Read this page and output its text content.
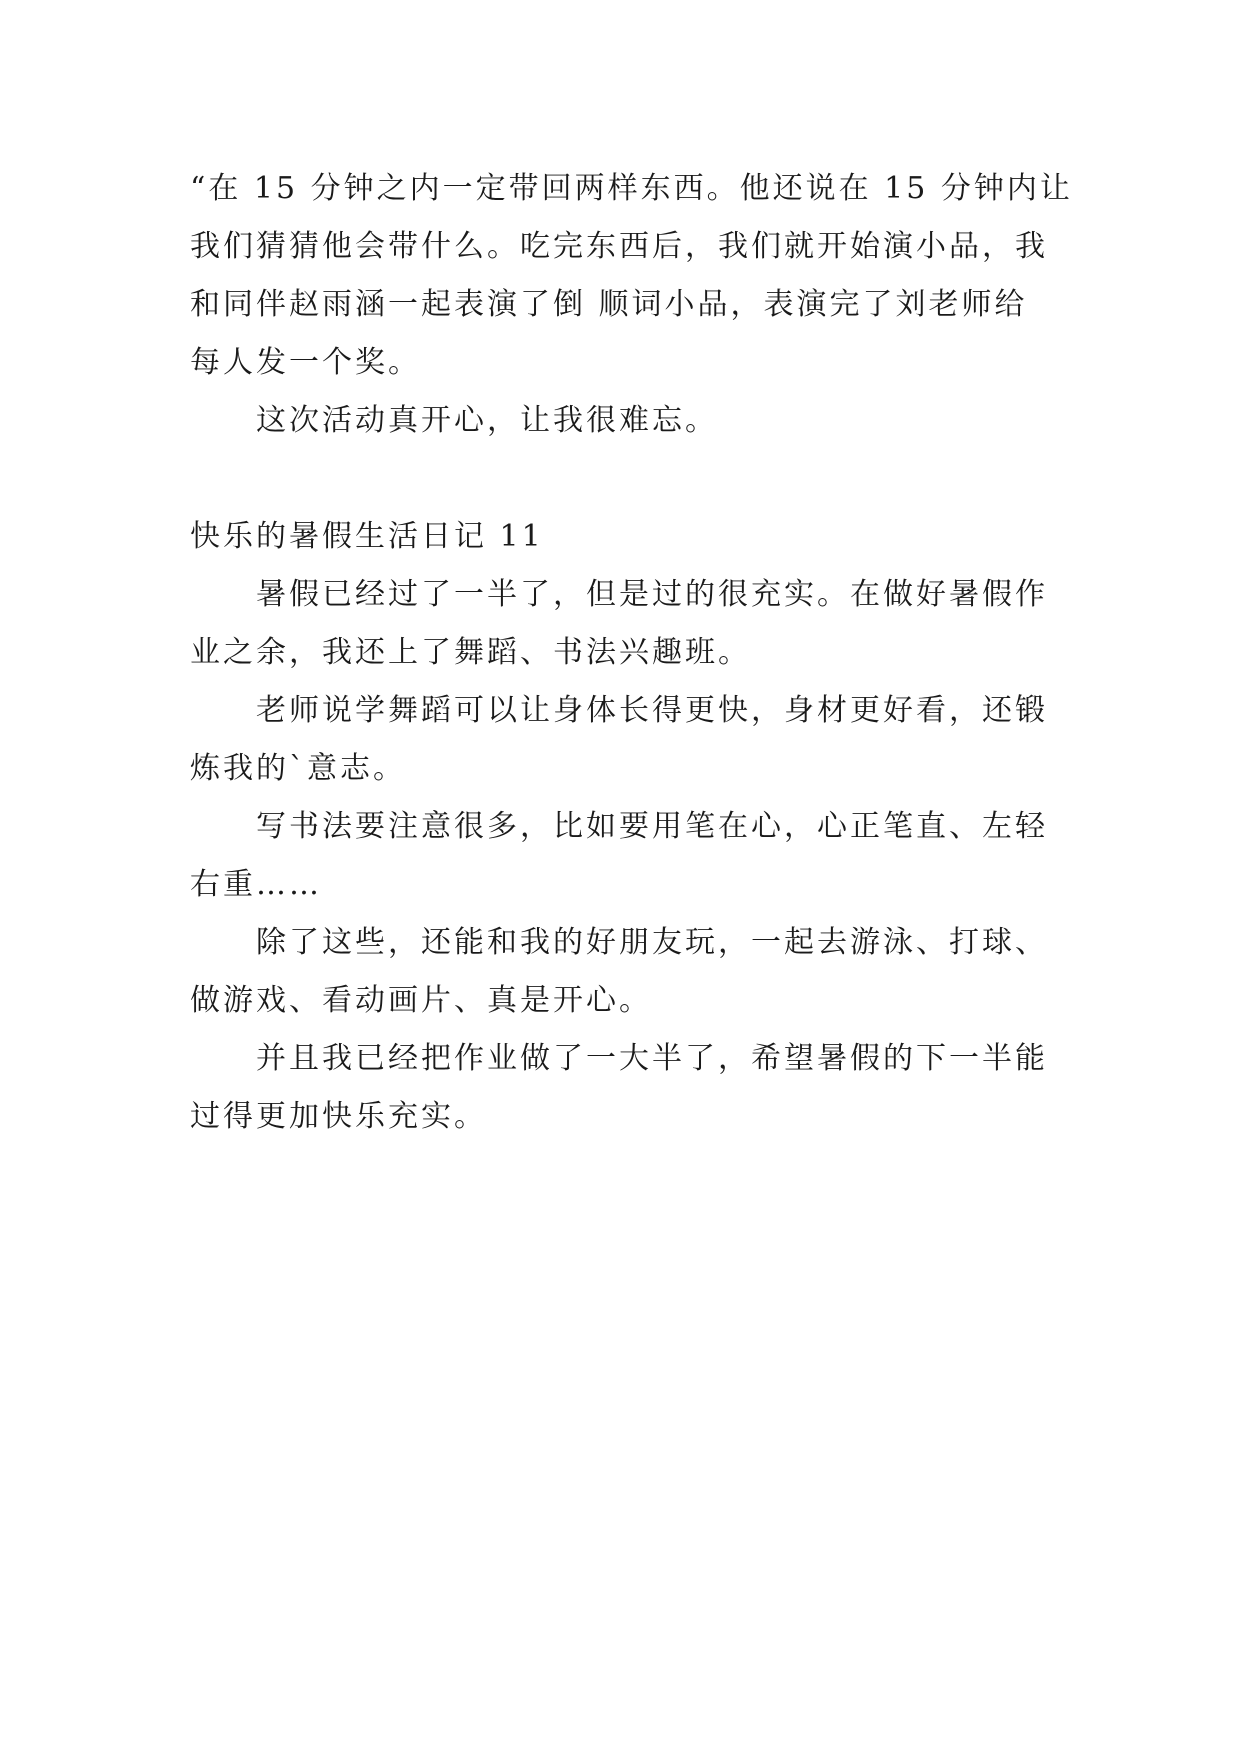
“在 15 分钟之内一定带回两样东西。他还说在 15 分钟内让
我们猜猜他会带什么。吃完东西后，我们就开始演小品，我
和同伴赵雨涵一起表演了倒 顺词小品，表演完了刘老师给
每人发一个奖。
这次活动真开心，让我很难忘。
快乐的暑假生活日记 11
暑假已经过了一半了，但是过的很充实。在做好暑假作
业之余，我还上了舞蹈、书法兴趣班。
老师说学舞蹈可以让身体长得更快，身材更好看，还锻
炼我的`意志。
写书法要注意很多，比如要用笔在心，心正笔直、左轻
右重……
除了这些，还能和我的好朋友玩，一起去游泳、打球、
做游戏、看动画片、真是开心。
并且我已经把作业做了一大半了，希望暑假的下一半能
过得更加快乐充实。
